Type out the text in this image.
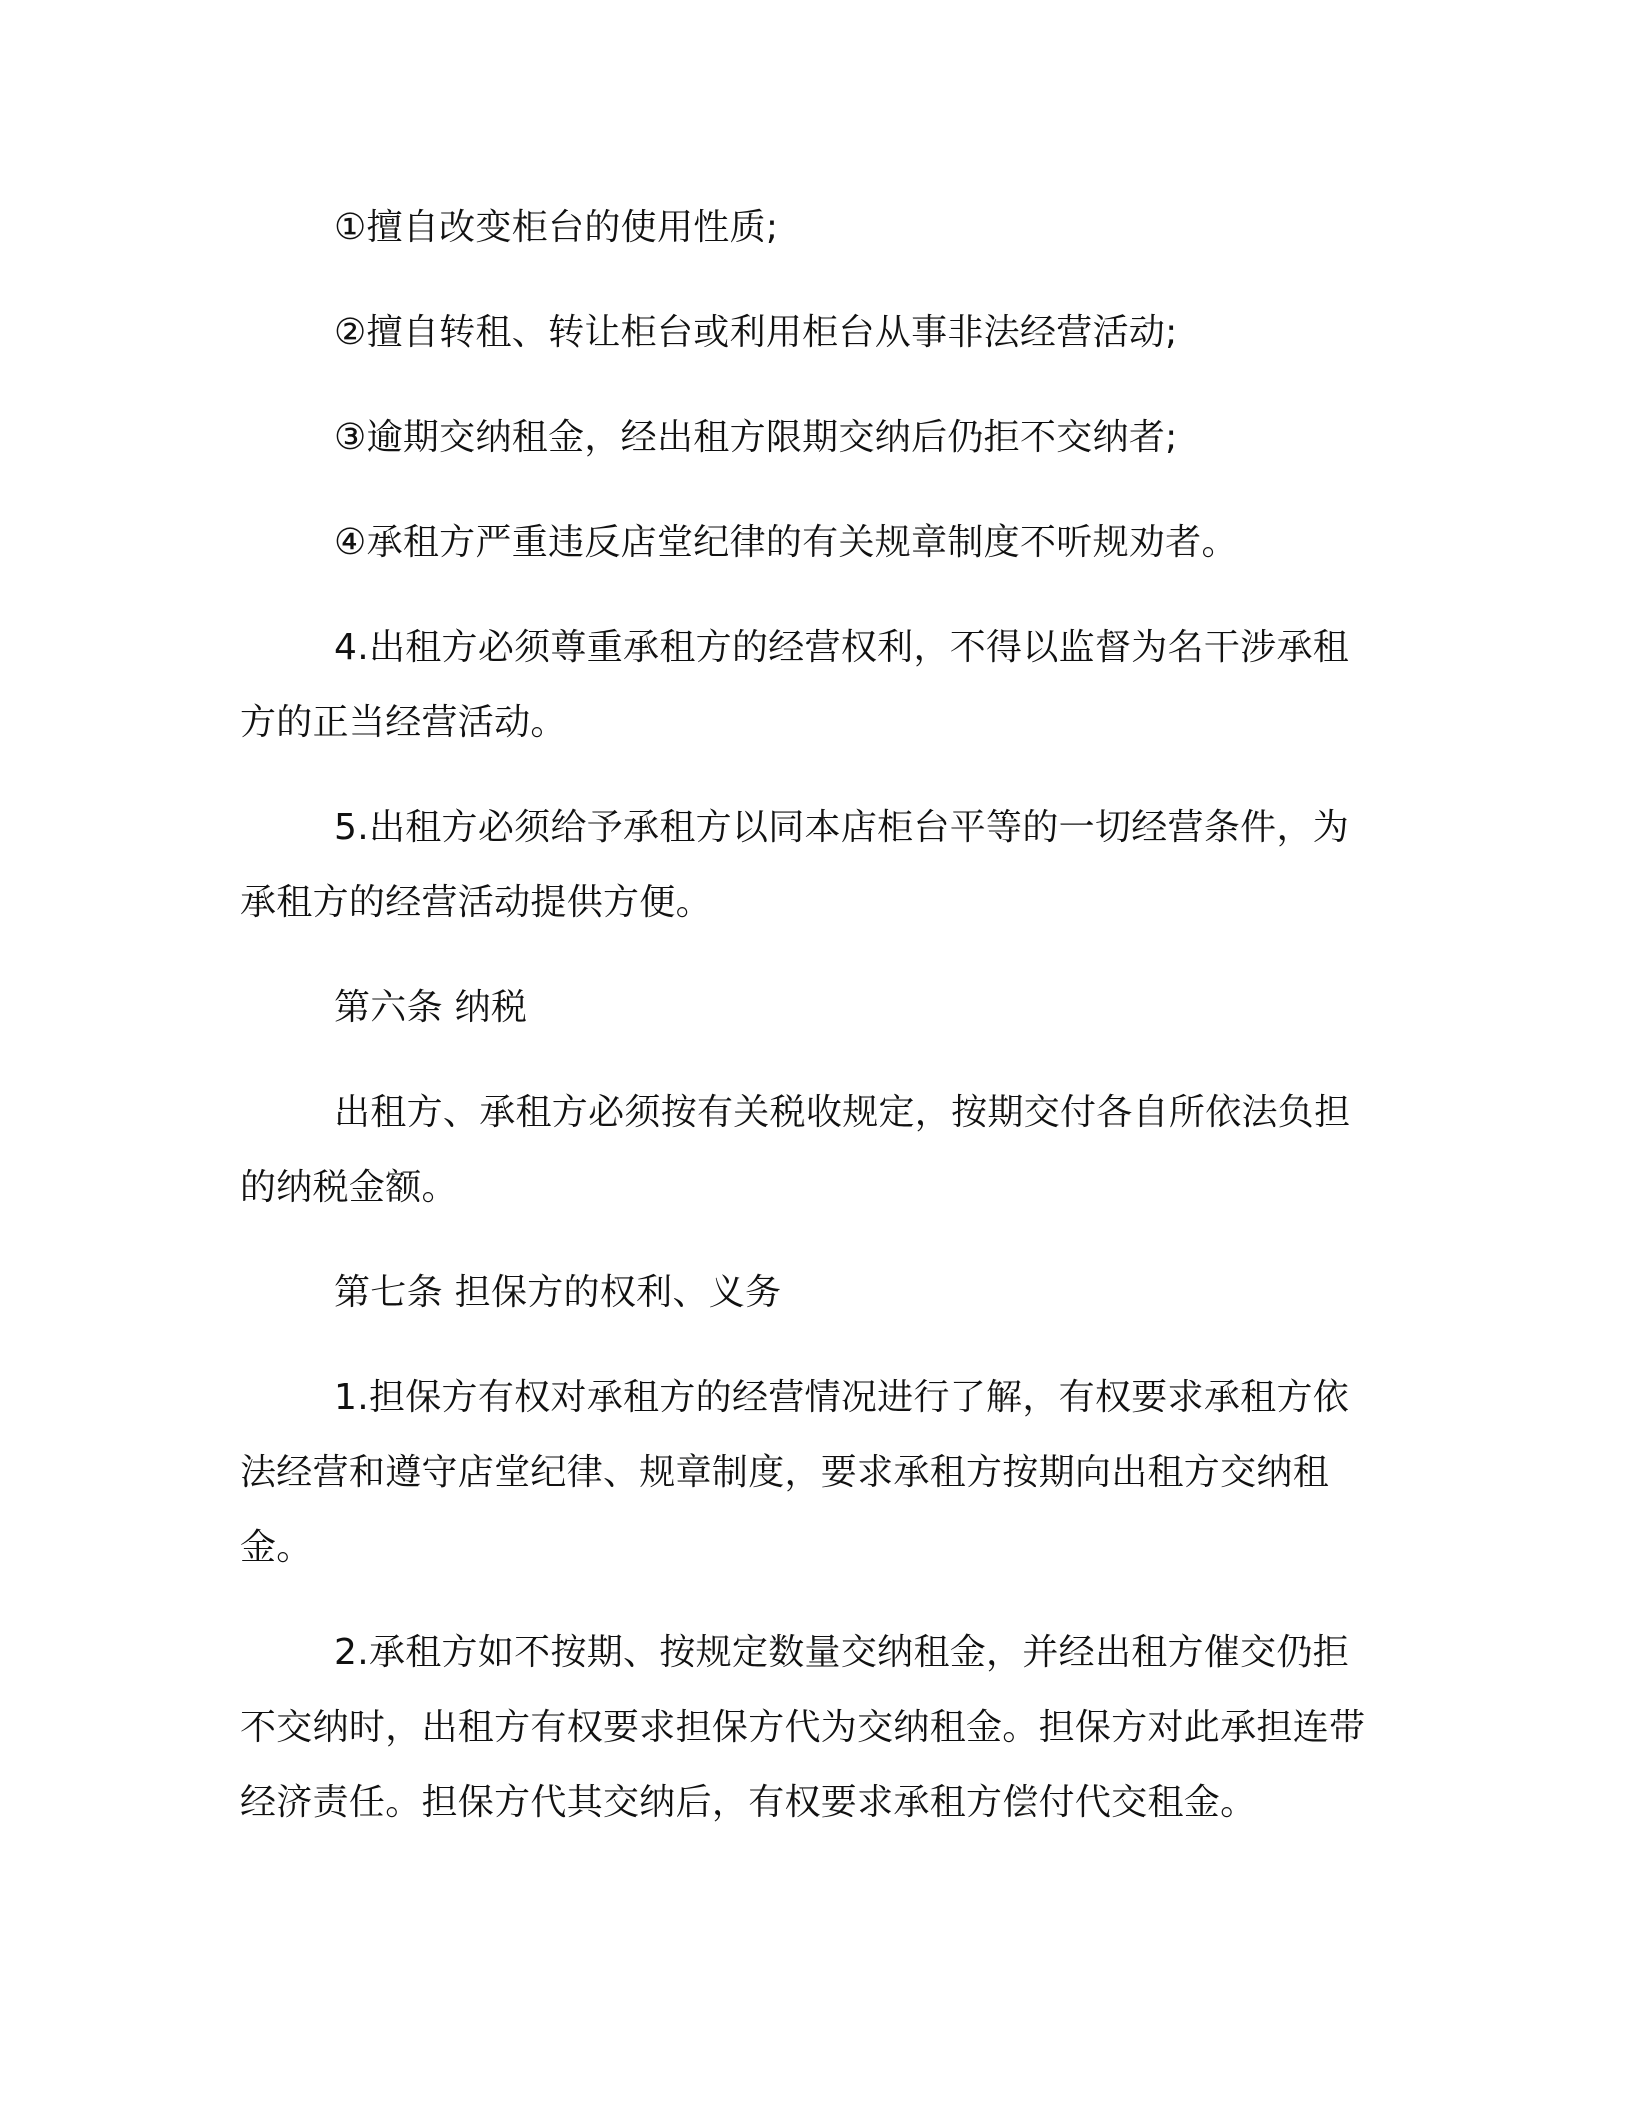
①擅自改变柜台的使用性质;

②擅自转租、转让柜台或利用柜台从事非法经营活动;

③逾期交纳租金，经出租方限期交纳后仍拒不交纳者;

④承租方严重违反店堂纪律的有关规章制度不听规劝者。

4.出租方必须尊重承租方的经营权利，不得以监督为名干涉承租方的正当经营活动。

5.出租方必须给予承租方以同本店柜台平等的一切经营条件，为承租方的经营活动提供方便。

第六条 纳税

出租方、承租方必须按有关税收规定，按期交付各自所依法负担的纳税金额。

第七条 担保方的权利、义务

1.担保方有权对承租方的经营情况进行了解，有权要求承租方依法经营和遵守店堂纪律、规章制度，要求承租方按期向出租方交纳租金。

2.承租方如不按期、按规定数量交纳租金，并经出租方催交仍拒不交纳时，出租方有权要求担保方代为交纳租金。担保方对此承担连带经济责任。担保方代其交纳后，有权要求承租方偿付代交租金。
